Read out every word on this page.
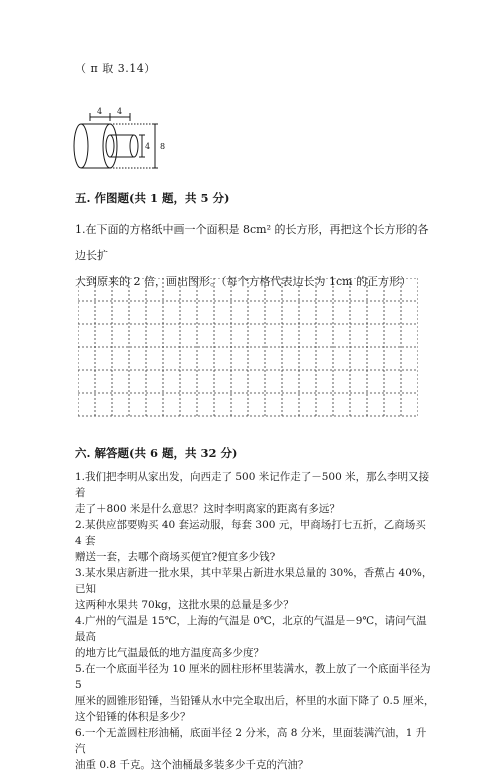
（ π 取 3.14）
4 4
4 8
五. 作图题(共 1 题，共 5 分)
1.在下面的方格纸中画一个面积是 8cm² 的长方形，再把这个长方形的各边长扩
大到原来的 2 倍，画出图形。（每个方格代表边长为 1cm 的正方形）
六. 解答题(共 6 题，共 32 分)

1.我们把李明从家出发，向西走了 500 米记作走了－500 米，那么李明又接着

走了＋800 米是什么意思？这时李明离家的距离有多远？

2.某供应部要购买 40 套运动服，每套 300 元，甲商场打七五折，乙商场买 4 套

赠送一套，去哪个商场买便宜?便宜多少钱?

3.某水果店新进一批水果，其中苹果占新进水果总量的 30%，香蕉占 40%，已知

这两种水果共 70kg，这批水果的总量是多少？

4.广州的气温是 15℃，上海的气温是 0℃，北京的气温是－9℃，请问气温最高

的地方比气温最低的地方温度高多少度？

5.在一个底面半径为 10 厘米的圆柱形杯里装满水，教上放了一个底面半径为 5

厘米的圆锥形铅锤，当铅锤从水中完全取出后，杯里的水面下降了 0.5 厘米，

这个铅锤的体积是多少？

6.一个无盖圆柱形油桶，底面半径 2 分米，高 8 分米，里面装满汽油，1 升汽

油重 0.8 千克。这个油桶最多装多少千克的汽油？
